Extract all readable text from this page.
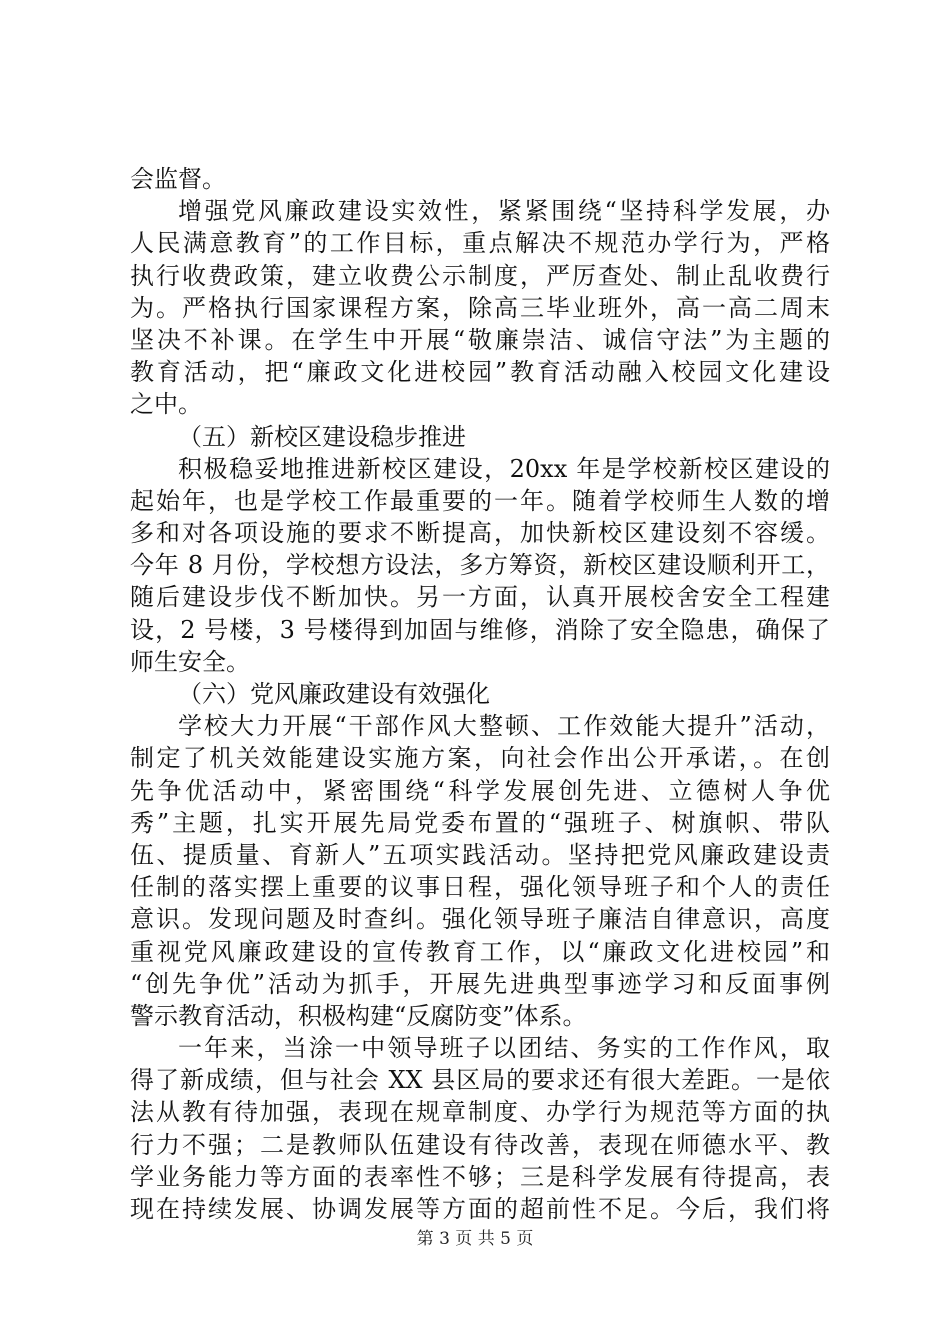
会监督。
增强党风廉政建设实效性，紧紧围绕“坚持科学发展，办
人民满意教育”的工作目标，重点解决不规范办学行为，严格
执行收费政策，建立收费公示制度，严厉查处、制止乱收费行
为。严格执行国家课程方案，除高三毕业班外，高一高二周末
坚决不补课。在学生中开展“敬廉崇洁、诚信守法”为主题的
教育活动，把“廉政文化进校园”教育活动融入校园文化建设
之中。
（五）新校区建设稳步推进
积极稳妥地推进新校区建设，20xx 年是学校新校区建设的
起始年，也是学校工作最重要的一年。随着学校师生人数的增
多和对各项设施的要求不断提高，加快新校区建设刻不容缓。
今年 8 月份，学校想方设法，多方筹资，新校区建设顺利开工，
随后建设步伐不断加快。另一方面，认真开展校舍安全工程建
设，2 号楼，3 号楼得到加固与维修，消除了安全隐患，确保了
师生安全。
（六）党风廉政建设有效强化
学校大力开展“干部作风大整顿、工作效能大提升”活动，
制定了机关效能建设实施方案，向社会作出公开承诺，。在创
先争优活动中，紧密围绕“科学发展创先进、立德树人争优
秀”主题，扎实开展先局党委布置的“强班子、树旗帜、带队
伍、提质量、育新人”五项实践活动。坚持把党风廉政建设责
任制的落实摆上重要的议事日程，强化领导班子和个人的责任
意识。发现问题及时查纠。强化领导班子廉洁自律意识，高度
重视党风廉政建设的宣传教育工作，以“廉政文化进校园”和
“创先争优”活动为抓手，开展先进典型事迹学习和反面事例
警示教育活动，积极构建“反腐防变”体系。
一年来，当涂一中领导班子以团结、务实的工作作风，取
得了新成绩，但与社会 XX 县区局的要求还有很大差距。一是依
法从教有待加强，表现在规章制度、办学行为规范等方面的执
行力不强；二是教师队伍建设有待改善，表现在师德水平、教
学业务能力等方面的表率性不够；三是科学发展有待提高，表
现在持续发展、协调发展等方面的超前性不足。今后，我们将
第 3 页 共 5 页
